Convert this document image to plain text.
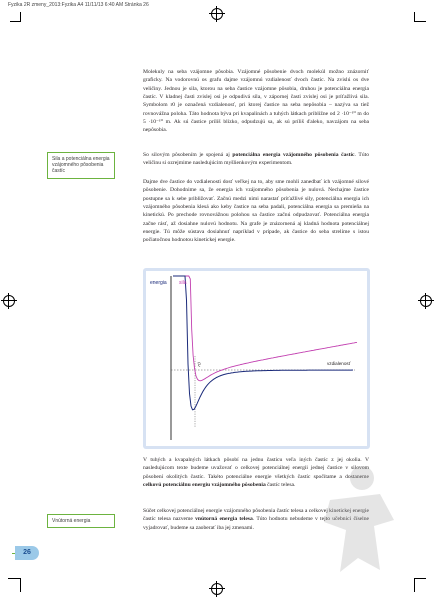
Fyzika 2R zmeny_2013:Fyzika A4 11/11/13 6:40 AM Stránka 26

Molekuly na seba vzájomne pôsobia. Vzájomné pôsobenie dvoch molekúl možno znázorniť graficky. Na vodorovnú os grafu dajme vzájomnú vzdialenosť dvoch častíc. Na zvislú os dve veličiny. Jednou je sila, ktorou na seba častice vzájomne pôsobia, druhou je potenciálna energia častíc. V kladnej časti zvislej osi je odpudivá sila, v zápornej časti zvislej osi je príťažlivá sila. Symbolom r0 je označená vzdialenosť, pri ktorej častice na seba nepôsobia – nazýva sa tiež rovnovážna poloha. Táto hodnota býva pri kvapalinách a tuhých látkach približne od 2 ·10⁻¹⁰ m do 5 ·10⁻¹⁰ m. Ak sú častice príliš blízko, odpudzujú sa, ak sú príliš ďaleko, navzájom na seba nepôsobia.

So silovým pôsobením je spojená aj potenciálna energia vzájomného pôsobenia častíc. Túto veličinu si ozrejmime nasledujúcim myšlienkovým experimentom.

Dajme dve častice do vzdialenosti dosť veľkej na to, aby sme mohli zanedbať ich vzájomné silové pôsobenie. Dohodnime sa, že energia ich vzájomného pôsobenia je nulová. Nechajme častice postupne sa k sebe približovať. Začnú medzi nimi narastať príťažlivé sily, potenciálna energia ich vzájomného pôsobenia klesá ako keby častice na seba padali, potenciálna energia sa premieňa na kinetickú. Po prechode rovnovážnou polohou sa častice začnú odpudzovať. Potenciálna energia začne rásť, až dosiahne nulovú hodnotu. Na grafe je znázornená aj kladná hodnota potenciálnej energie. Tú môže sústava dosiahnuť napríklad v prípade, ak častice do seba strelíme s istou počiatočnou hodnotou kinetickej energie.

Sila a potenciálna energia vzájomného pôsobenia častíc
energia sila
r0	vzdialenosť

V tuhých a kvapalných látkach pôsobí na jednu časticu veľa iných častíc z jej okolia. V nasledujúcom texte budeme uvažovať o celkovej potenciálnej energii jednej častice v silovom pôsobení okolitých častíc. Takéto potenciálne energie všetkých častíc spočítame a dostaneme celkovú potenciálnu energiu vzájomného pôsobenia častíc telesa.

Súčet celkovej potenciálnej energie vzájomného pôsobenia častíc telesa a celkovej kinetickej energie častíc telesa nazveme vnútorná energia telesa. Túto hodnotu nebudeme v tejto učebnici číselne vyjadrovať, budeme sa zaoberať iba jej zmenami.

Vnútorná energia
26
